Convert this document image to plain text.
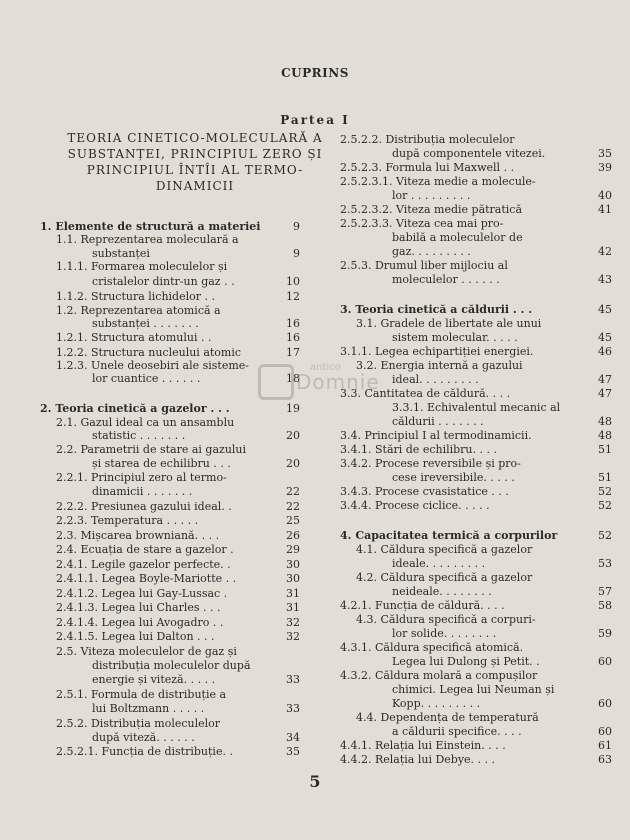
CUPRINS
Partea I
TEORIA CINETICO-MOLECULARĂ A
SUBSTANȚEI, PRINCIPIUL ZERO ȘI
PRINCIPIUL ÎNTÎI AL TERMO-
DINAMICII
1. Elemente de structură a materiei	9
1.1. Reprezentarea moleculară a
substanței	9
1.1.1. Formarea moleculelor și
cristalelor dintr-un gaz . .	10
1.1.2. Structura lichidelor . .	12
1.2. Reprezentarea atomică a
substanței . . . . . . .	16
1.2.1. Structura atomului . .	16
1.2.2. Structura nucleului atomic	17
1.2.3. Unele deosebiri ale sisteme-
lor cuantice . . . . . .	18
2. Teoria cinetică a gazelor . . .	19
2.1. Gazul ideal ca un ansamblu
statistic . . . . . . .	20
2.2. Parametrii de stare ai gazului
și starea de echilibru . . .	20
2.2.1. Principiul zero al termo-
dinamicii . . . . . . .	22
2.2.2. Presiunea gazului ideal. .	22
2.2.3. Temperatura . . . . .	25
2.3. Mișcarea browniană. . . .	26
2.4. Ecuația de stare a gazelor .	29
2.4.1. Legile gazelor perfecte. .	30
2.4.1.1. Legea Boyle-Mariotte . .	30
2.4.1.2. Legea lui Gay-Lussac .	31
2.4.1.3. Legea lui Charles . . .	31
2.4.1.4. Legea lui Avogadro . .	32
2.4.1.5. Legea lui Dalton . . .	32
2.5. Viteza moleculelor de gaz și
distribuția moleculelor după
energie și viteză. . . . .	33
2.5.1. Formula de distribuție a
lui Boltzmann . . . . .	33
2.5.2. Distribuția moleculelor
după viteză. . . . . .	34
2.5.2.1. Funcția de distribuție. .	35
2.5.2.2. Distribuția moleculelor
după componentele vitezei.	35
2.5.2.3. Formula lui Maxwell . .	39
2.5.2.3.1. Viteza medie a molecule-
lor . . . . . . . . .	40
2.5.2.3.2. Viteza medie pătratică	41
2.5.2.3.3. Viteza cea mai pro-
babilă a moleculelor de
gaz. . . . . . . . .	42
2.5.3. Drumul liber mijlociu al
moleculelor . . . . . .	43
3. Teoria cinetică a căldurii . . .	45
3.1. Gradele de libertate ale unui
sistem molecular. . . . .	45
3.1.1. Legea echipartiției energiei.	46
3.2. Energia internă a gazului
ideal. . . . . . . . .	47
3.3. Cantitatea de căldură. . . .	47
3.3.1. Echivalentul mecanic al
căldurii . . . . . . .	48
3.4. Principiul I al termodinamicii.	48
3.4.1. Stări de echilibru. . . .	51
3.4.2. Procese reversibile și pro-
cese ireversibile. . . . .	51
3.4.3. Procese cvasistatice . . .	52
3.4.4. Procese ciclice. . . . .	52
4. Capacitatea termică a corpurilor	52
4.1. Căldura specifică a gazelor
ideale. . . . . . . . .	53
4.2. Căldura specifică a gazelor
neideale. . . . . . . .	57
4.2.1. Funcția de căldură. . . .	58
4.3. Căldura specifică a corpuri-
lor solide. . . . . . . .	59
4.3.1. Căldura specifică atomică.
Legea lui Dulong și Petit. .	60
4.3.2. Căldura molară a compușilor
chimici. Legea lui Neuman și
Kopp. . . . . . . . .	60
4.4. Dependența de temperatură
a căldurii specifice. . . .	60
4.4.1. Relația lui Einstein. . . .	61
4.4.2. Relația lui Debye. . . .	63
antico
Domnie
5
